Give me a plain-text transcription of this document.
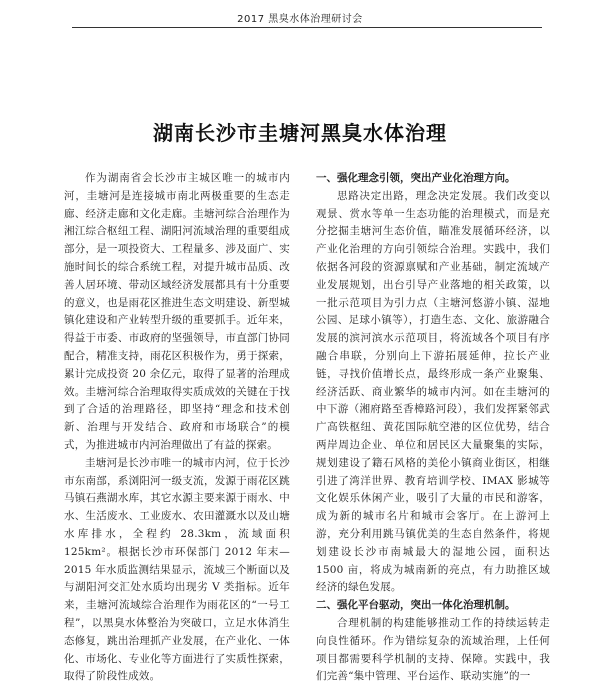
2017 黑臭水体治理研讨会
湖南长沙市圭塘河黑臭水体治理

作为湖南省会长沙市主城区唯一的城市内河，圭塘河是连接城市南北两极重要的生态走廊、经济走廊和文化走廊。圭塘河综合治理作为湘江综合枢纽工程、湖阳河流域治理的重要组成部分，是一项投资大、工程量多、涉及面广、实施时间长的综合系统工程，对提升城市品质、改善人居环境、带动区域经济发展都具有十分重要的意义，也是雨花区推进生态文明建设、新型城镇化建设和产业转型升级的重要抓手。近年来，得益于市委、市政府的坚强领导，市直部门协同配合，精准支持，雨花区积极作为，勇于探索，累计完成投资 20 余亿元，取得了显著的治理成效。圭塘河综合治理取得实质成效的关键在于找到了合适的治理路径，即坚持“理念和技术创新、治理与开发结合、政府和市场联合”的模式，为推进城市内河治理做出了有益的探索。

圭塘河是长沙市唯一的城市内河，位于长沙市东南部，系浏阳河一级支流，发源于雨花区跳马镇石燕湖水库，其它水源主要来源于雨水、中水、生活废水、工业废水、农田灌溉水以及山塘水库排水，全程约 28.3km，流域面积 125km²。根据长沙市环保部门 2012 年末—2015 年水质监测结果显示，流域三个断面以及与湖阳河交汇处水质均出现劣 V 类指标。近年来，圭塘河流域综合治理作为雨花区的“一号工程”，以黑臭水体整治为突破口，立足水体消生态修复，跳出治理抓产业发展，在产业化、一体化、市场化、专业化等方面进行了实质性探索，取得了阶段性成效。

一、强化理念引领，突出产业化治理方向。

思路决定出路，理念决定发展。我们改变以观景、赏水等单一生态功能的治理模式，而是充分挖掘圭塘河生态价值，瞄准发展循环经济，以产业化治理的方向引领综合治理。实践中，我们依据各河段的资源禀赋和产业基础，制定流域产业发展规划，出台引导产业落地的相关政策，以一批示范项目为引力点（主塘河悠游小镇、湿地公园、足球小镇等），打造生态、文化、旅游融合发展的滨河滨水示范项目，将流域各个项目有序融合串联，分别向上下游拓展延伸，拉长产业链，寻找价值增长点，最终形成一条产业聚集、经济活跃、商业繁华的城市内河。如在圭塘河的中下游（湘府路至香樟路河段），我们发挥紧邻武广高铁枢纽、黄花国际航空港的区位优势，结合两岸周边企业、单位和居民区大量聚集的实际，规划建设了籍石风格的美伦小镇商业街区，相继引进了湾洋世界、教育培训学校、IMAX 影城等文化娱乐休闲产业，吸引了大量的市民和游客，成为新的城市名片和城市会客厅。在上游河上游，充分利用跳马镇优美的生态自然条件，将规划建设长沙市南城最大的湿地公园，面积达 1500 亩，将成为城南新的亮点，有力助推区域经济的绿色发展。

二、强化平台驱动，突出一体化治理机制。

合理机制的构建能够推动工作的持续运转走向良性循环。作为错综复杂的流域治理，上任何项目都需要科学机制的支持、保障。实践中，我们完善“集中管理、平台运作、联动实施”的一
